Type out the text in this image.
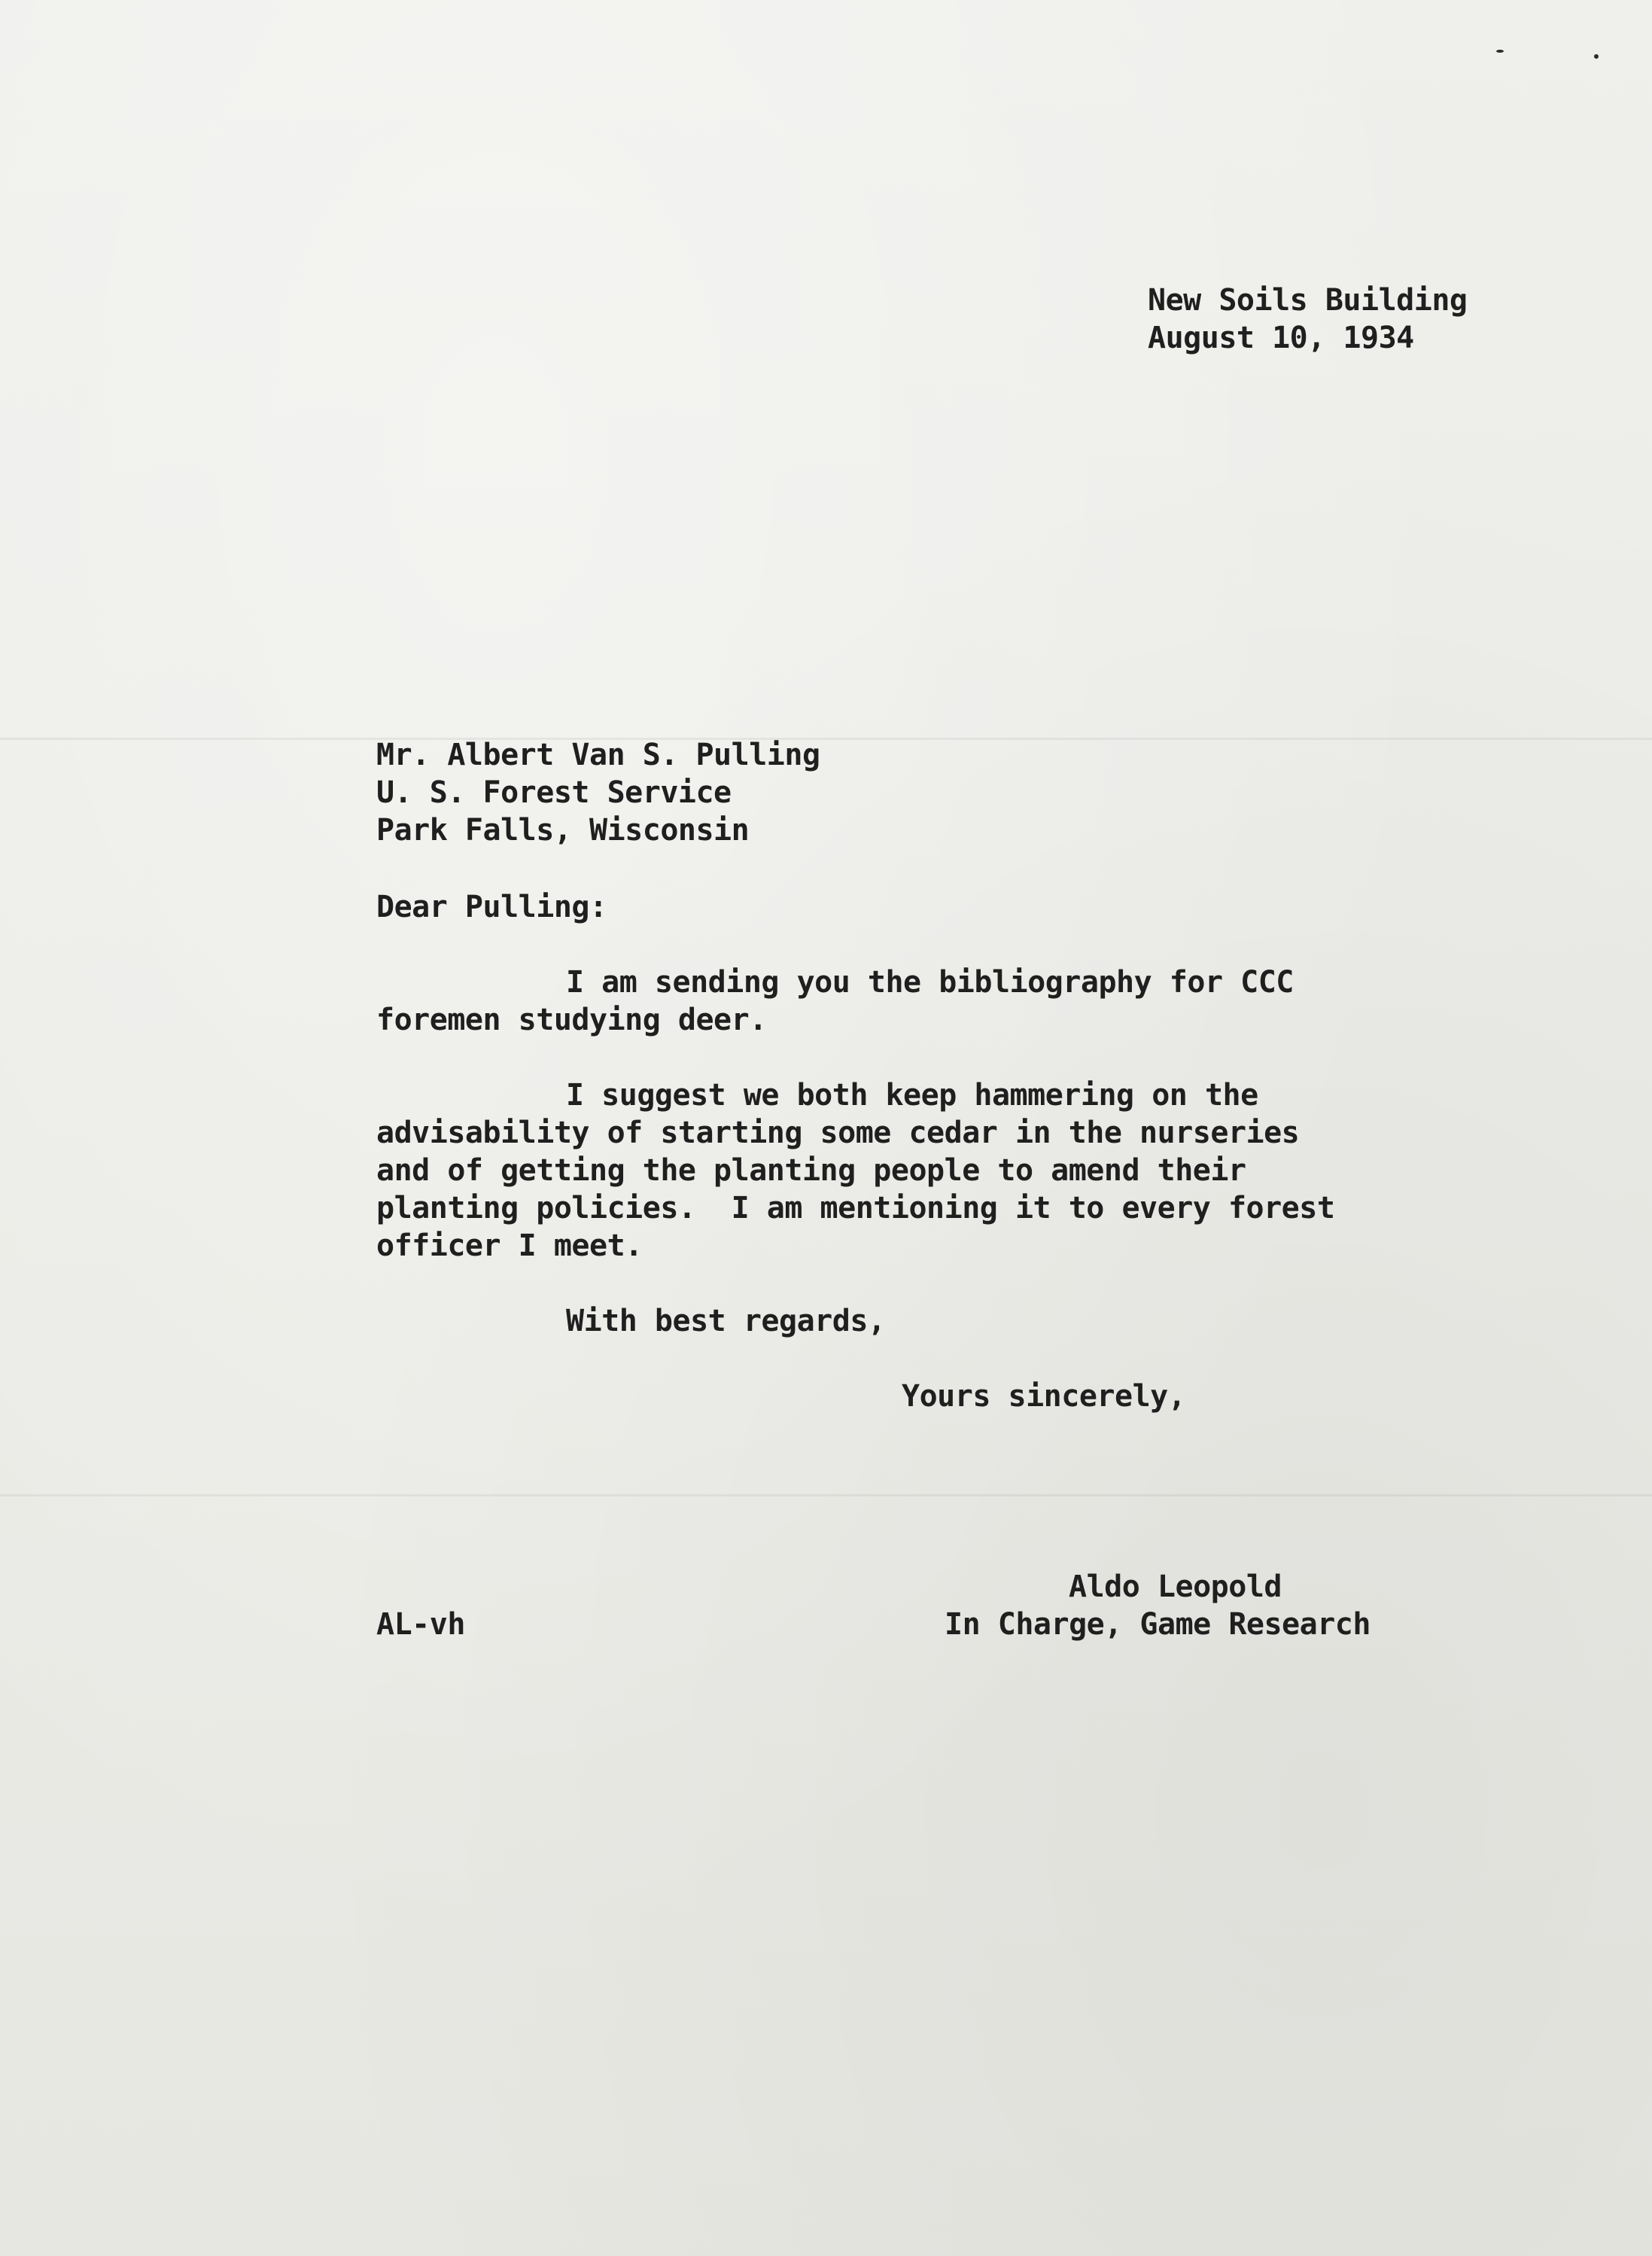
New Soils Building
August 10, 1934
Mr. Albert Van S. Pulling
U. S. Forest Service
Park Falls, Wisconsin
Dear Pulling:
I am sending you the bibliography for CCC
foremen studying deer.
I suggest we both keep hammering on the
advisability of starting some cedar in the nurseries
and of getting the planting people to amend their
planting policies.  I am mentioning it to every forest
officer I meet.
With best regards,
Yours sincerely,
Aldo Leopold
In Charge, Game Research
AL-vh
